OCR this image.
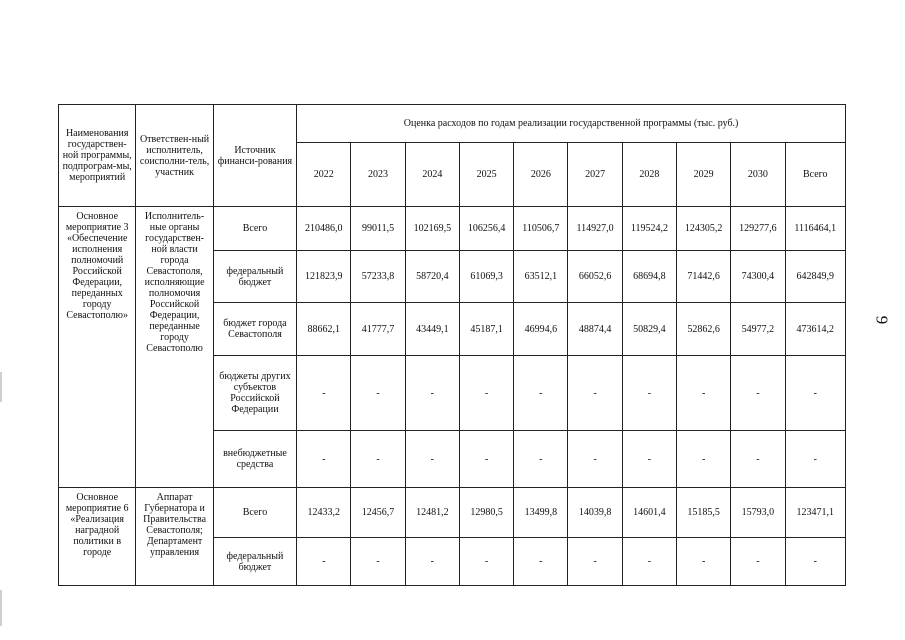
Наименования государствен-ной программы, подпрограм-мы, мероприятий	Ответствен-ный исполнитель, соисполни-тель, участник	Источник финанси-рования	Оценка расходов по годам реализации государственной программы (тыс. руб.)									
			2022	2023	2024	2025	2026	2027	2028	2029	2030	Всего
Основное мероприятие 3 «Обеспечение исполнения полномочий Российской Федерации, переданных городу Севастополю»	Исполнитель-ные органы государствен-ной власти города Севастополя, исполняющие полномочия Российской Федерации, переданные городу Севастополю	Всего	210486,0	99011,5	102169,5	106256,4	110506,7	114927,0	119524,2	124305,2	129277,6	1116464,1
		федеральный бюджет	121823,9	57233,8	58720,4	61069,3	63512,1	66052,6	68694,8	71442,6	74300,4	642849,9
		бюджет города Севастополя	88662,1	41777,7	43449,1	45187,1	46994,6	48874,4	50829,4	52862,6	54977,2	473614,2
		бюджеты других субъектов Российской Федерации	-	-	-	-	-	-	-	-	-	-
		внебюджетные средства	-	-	-	-	-	-	-	-	-	-
Основное мероприятие 6 «Реализация наградной политики в городе	Аппарат Губернатора и Правительства Севастополя; Департамент управления	Всего	12433,2	12456,7	12481,2	12980,5	13499,8	14039,8	14601,4	15185,5	15793,0	123471,1
		федеральный бюджет	-	-	-	-	-	-	-	-	-	-
9
